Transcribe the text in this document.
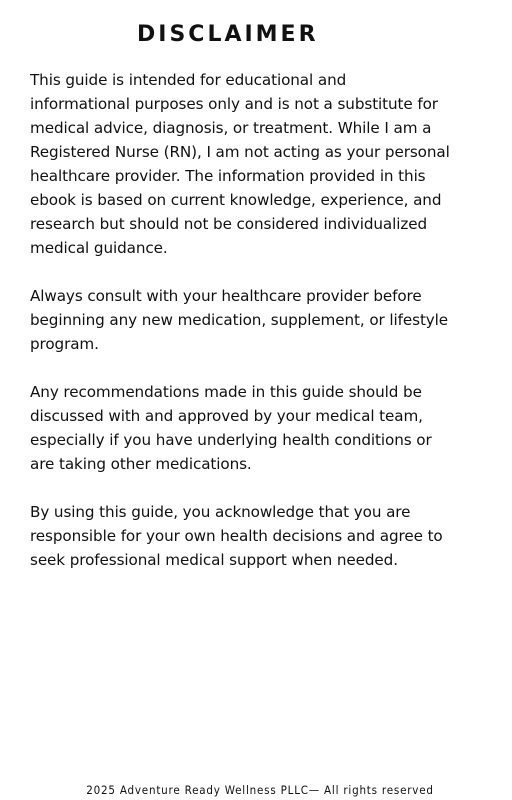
DISCLAIMER

This guide is intended for educational and
informational purposes only and is not a substitute for
medical advice, diagnosis, or treatment. While I am a
Registered Nurse (RN), I am not acting as your personal
healthcare provider. The information provided in this
ebook is based on current knowledge, experience, and
research but should not be considered individualized
medical guidance.

Always consult with your healthcare provider before
beginning any new medication, supplement, or lifestyle
program.

Any recommendations made in this guide should be
discussed with and approved by your medical team,
especially if you have underlying health conditions or
are taking other medications.

By using this guide, you acknowledge that you are
responsible for your own health decisions and agree to
seek professional medical support when needed.

2025 Adventure Ready Wellness PLLC— All rights reserved
